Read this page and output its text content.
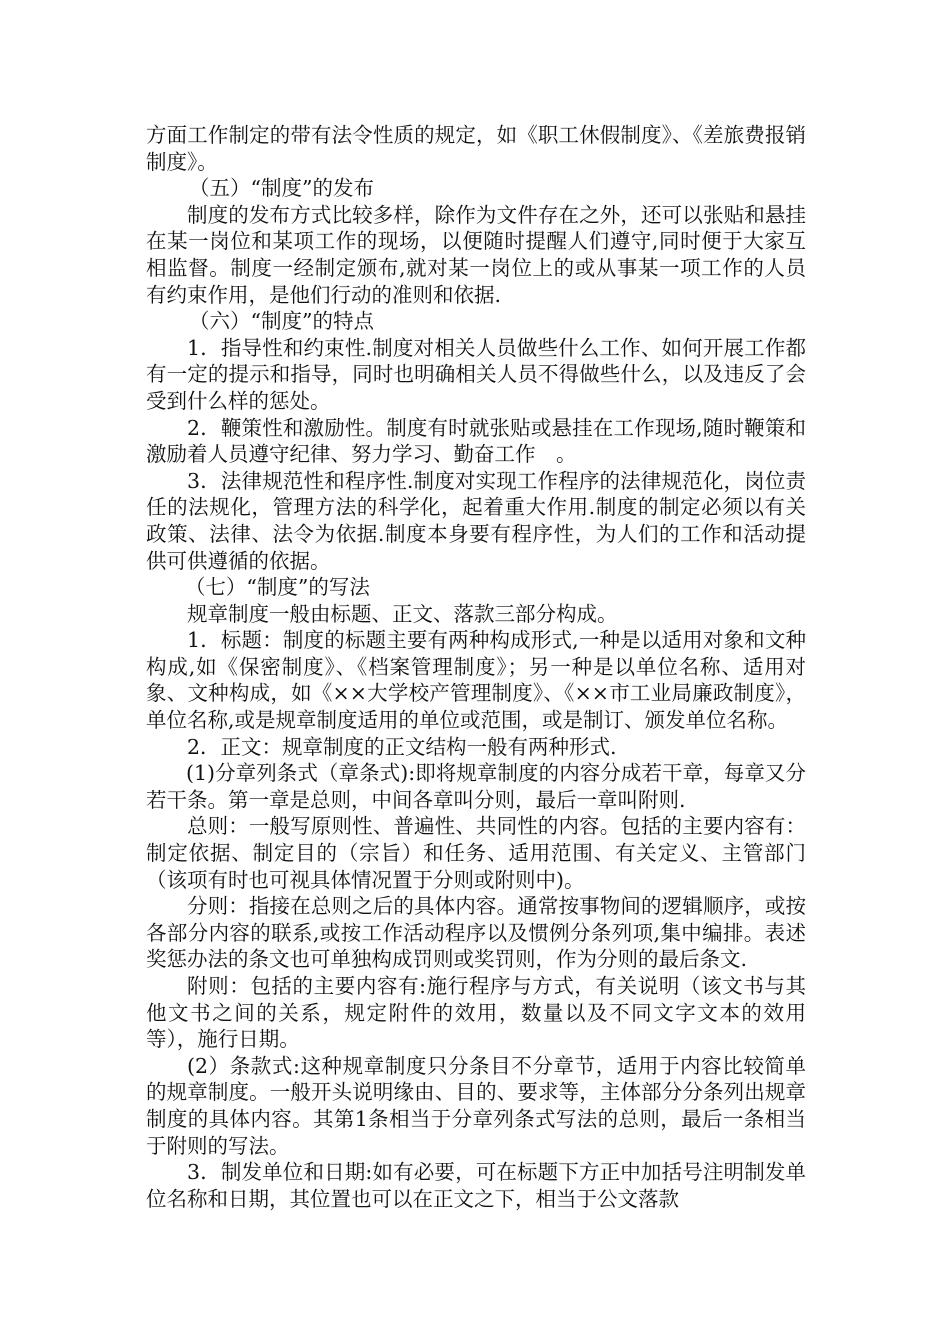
方面工作制定的带有法令性质的规定，如《职工休假制度》、《差旅费报销制度》。

（五）“制度”的发布

制度的发布方式比较多样，除作为文件存在之外，还可以张贴和悬挂在某一岗位和某项工作的现场，以便随时提醒人们遵守,同时便于大家互相监督。制度一经制定颁布,就对某一岗位上的或从事某一项工作的人员有约束作用，是他们行动的准则和依据.

（六）“制度”的特点

1．指导性和约束性.制度对相关人员做些什么工作、如何开展工作都有一定的提示和指导，同时也明确相关人员不得做些什么，以及违反了会受到什么样的惩处。

2．鞭策性和激励性。制度有时就张贴或悬挂在工作现场,随时鞭策和激励着人员遵守纪律、努力学习、勤奋工作　。

3．法律规范性和程序性.制度对实现工作程序的法律规范化，岗位责任的法规化，管理方法的科学化，起着重大作用.制度的制定必须以有关政策、法律、法令为依据.制度本身要有程序性，为人们的工作和活动提供可供遵循的依据。

（七）“制度”的写法

规章制度一般由标题、正文、落款三部分构成。

1．标题：制度的标题主要有两种构成形式,一种是以适用对象和文种构成,如《保密制度》、《档案管理制度》；另一种是以单位名称、适用对象、文种构成，如《××大学校产管理制度》、《××市工业局廉政制度》，单位名称,或是规章制度适用的单位或范围，或是制订、颁发单位名称。

2．正文：规章制度的正文结构一般有两种形式.

(1)分章列条式（章条式):即将规章制度的内容分成若干章，每章又分若干条。第一章是总则，中间各章叫分则，最后一章叫附则.

总则：一般写原则性、普遍性、共同性的内容。包括的主要内容有：制定依据、制定目的（宗旨）和任务、适用范围、有关定义、主管部门（该项有时也可视具体情况置于分则或附则中)。

分则：指接在总则之后的具体内容。通常按事物间的逻辑顺序，或按各部分内容的联系,或按工作活动程序以及惯例分条列项,集中编排。表述奖惩办法的条文也可单独构成罚则或奖罚则，作为分则的最后条文.

附则：包括的主要内容有:施行程序与方式，有关说明（该文书与其他文书之间的关系，规定附件的效用，数量以及不同文字文本的效用等），施行日期。

(2）条款式:这种规章制度只分条目不分章节，适用于内容比较简单的规章制度。一般开头说明缘由、目的、要求等，主体部分分条列出规章制度的具体内容。其第1条相当于分章列条式写法的总则，最后一条相当于附则的写法。

3．制发单位和日期:如有必要，可在标题下方正中加括号注明制发单位名称和日期，其位置也可以在正文之下，相当于公文落款
